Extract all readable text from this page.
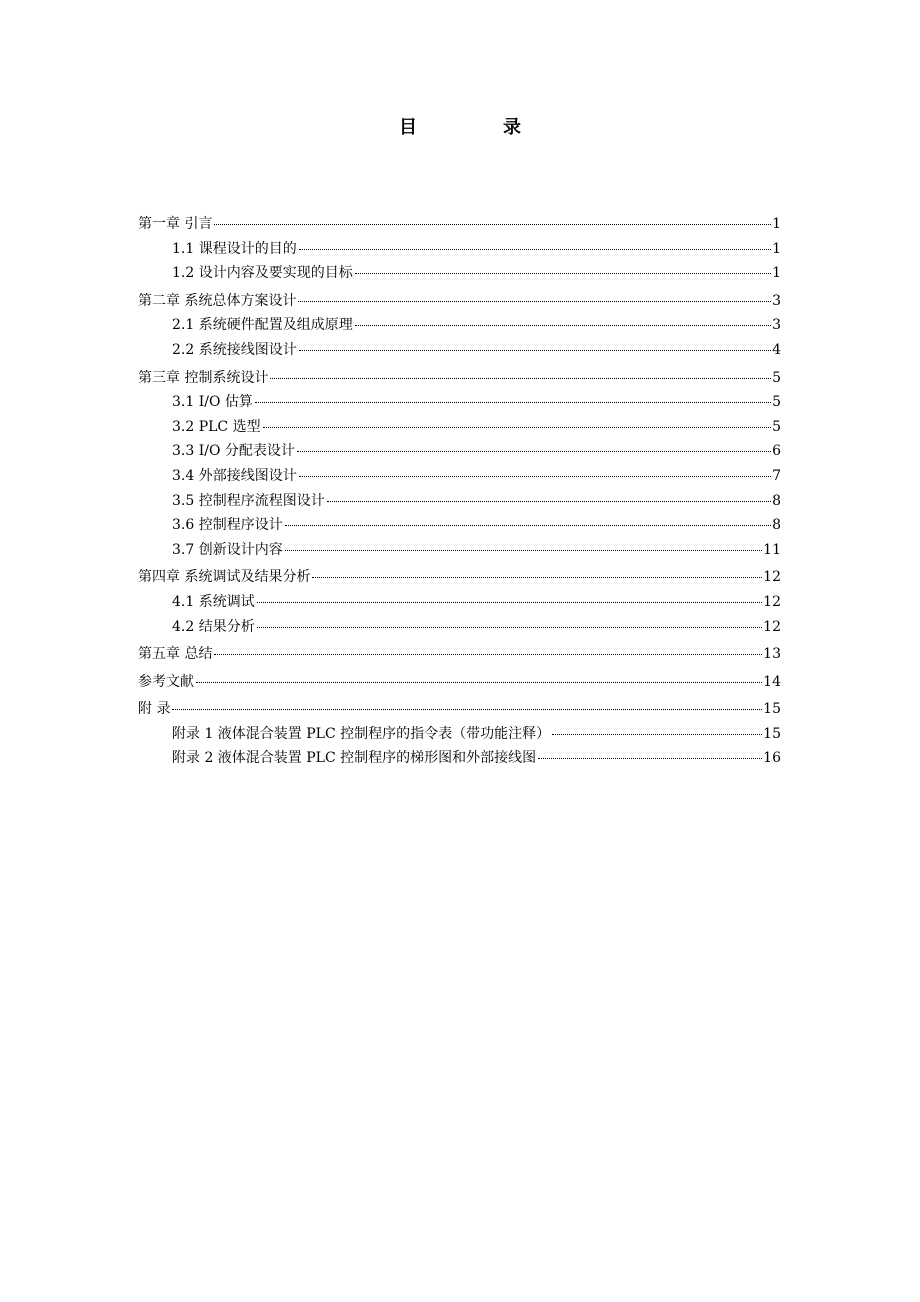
目　录
第一章 引言	1
1.1 课程设计的目的	1
1.2 设计内容及要实现的目标	1
第二章 系统总体方案设计	3
2.1 系统硬件配置及组成原理	3
2.2 系统接线图设计	4
第三章 控制系统设计	5
3.1 I/O 估算	5
3.2 PLC 选型	5
3.3 I/O 分配表设计	6
3.4 外部接线图设计	7
3.5 控制程序流程图设计	8
3.6 控制程序设计	8
3.7 创新设计内容	11
第四章 系统调试及结果分析	12
4.1 系统调试	12
4.2 结果分析	12
第五章 总结	13
参考文献	14
附 录	15
附录 1 液体混合装置 PLC 控制程序的指令表（带功能注释）	15
附录 2 液体混合装置 PLC 控制程序的梯形图和外部接线图	16
